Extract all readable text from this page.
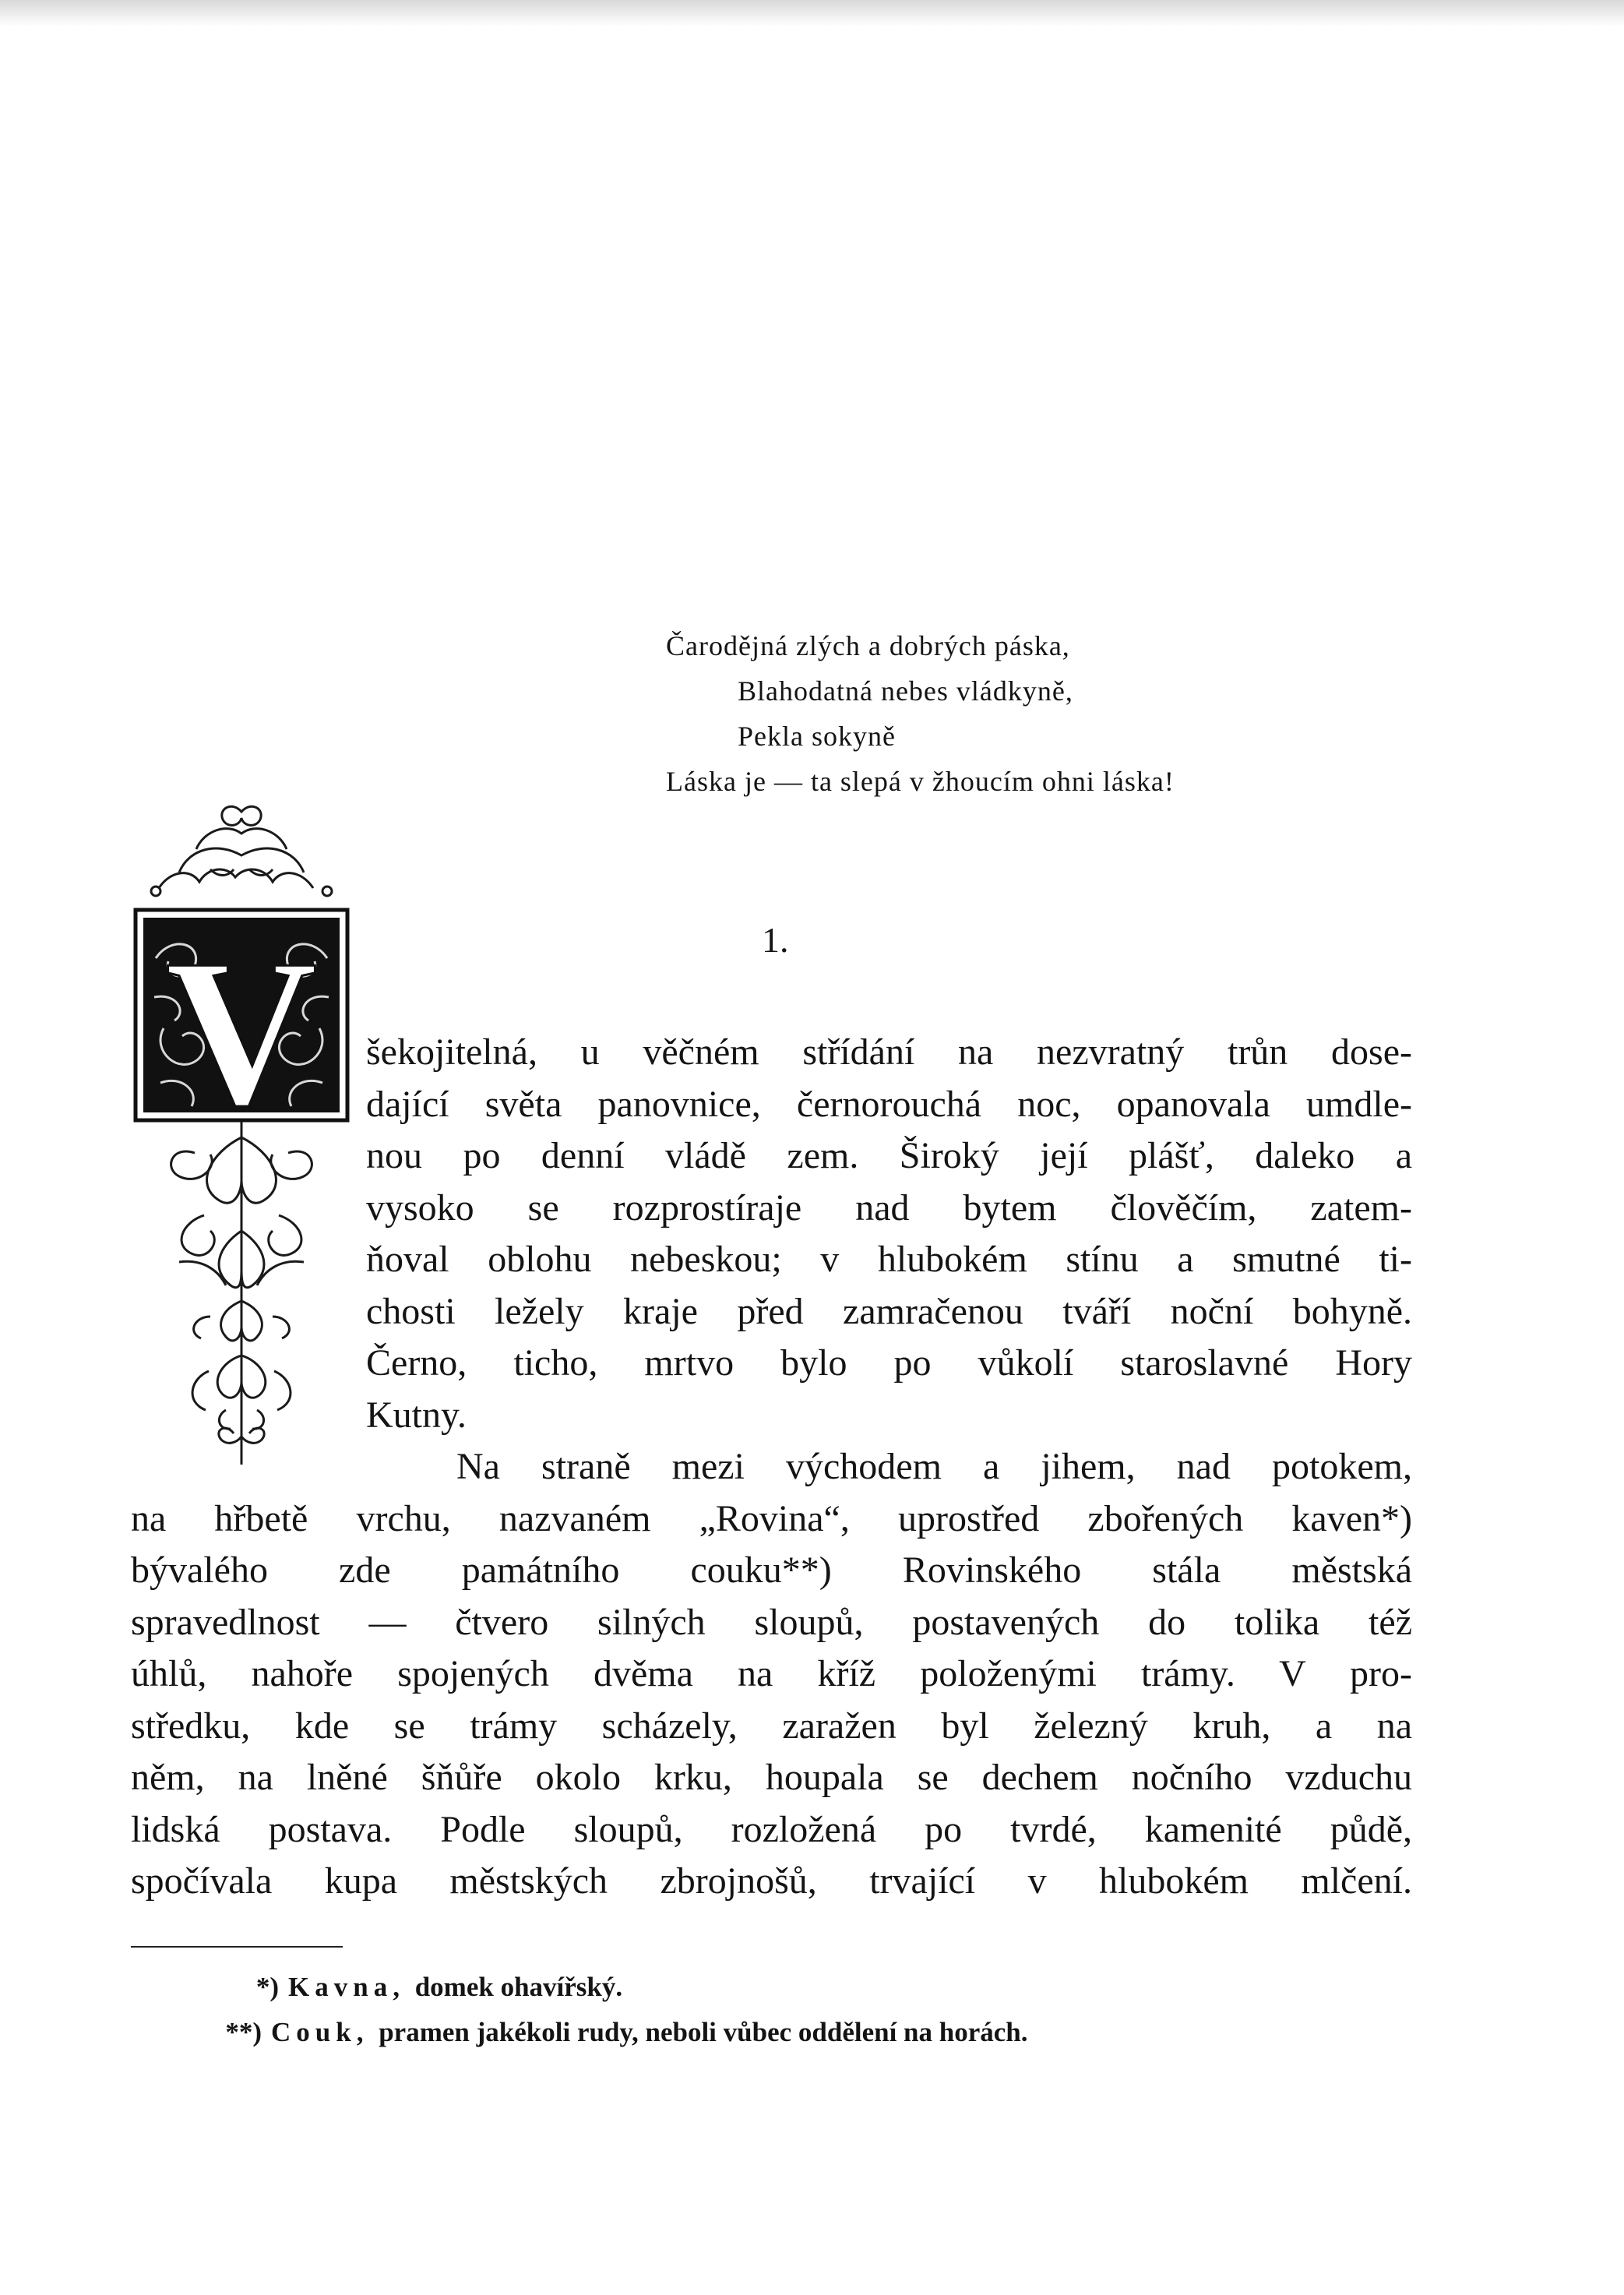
Čarodějná zlých a dobrých páska,
Blahodatná nebes vládkyně,
Pekla sokyně
Láska je — ta slepá v žhoucím ohni láska!
1.
V šekojitelná, u věčném střídání na nezvratný trůn dose-
dající světa panovnice, černorouchá noc, opanovala umdle-
nou po denní vládě zem. Široký její plášť, daleko a
vysoko se rozprostíraje nad bytem člověčím, zatem-
ňoval oblohu nebeskou; v hlubokém stínu a smutné ti-
chosti ležely kraje před zamračenou tváří noční bohyně.
Černo, ticho, mrtvo bylo po vůkolí staroslavné Hory
Kutny.
Na straně mezi východem a jihem, nad potokem,
na hřbetě vrchu, nazvaném „Rovina“, uprostřed zbořených kaven*)
bývalého zde památního couku**) Rovinského stála městská
spravedlnost — čtvero silných sloupů, postavených do tolika též
úhlů, nahoře spojených dvěma na kříž položenými trámy. V pro-
středku, kde se trámy scházely, zaražen byl železný kruh, a na
něm, na lněné šňůře okolo krku, houpala se dechem nočního vzduchu
lidská postava. Podle sloupů, rozložená po tvrdé, kamenité půdě,
spočívala kupa městských zbrojnošů, trvající v hlubokém mlčení.
*) Kavna, domek ohavířský.
**) Couk, pramen jakékoli rudy, neboli vůbec oddělení na horách.
